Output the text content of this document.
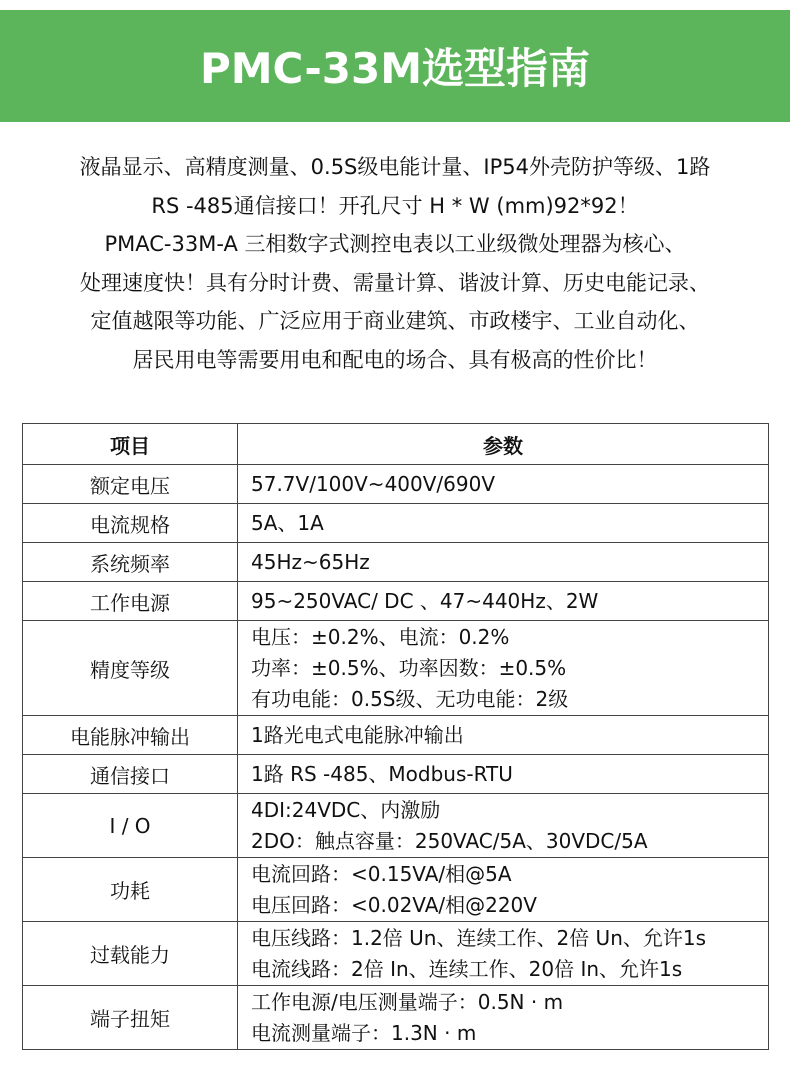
PMC-33M选型指南

液晶显示、高精度测量、0.5S级电能计量、IP54外壳防护等级、1路

RS -485通信接口！开孔尺寸 H * W (mm)92*92！

PMAC-33M-A 三相数字式测控电表以工业级微处理器为核心、

处理速度快！具有分时计费、需量计算、谐波计算、历史电能记录、

定值越限等功能、广泛应用于商业建筑、市政楼宇、工业自动化、

居民用电等需要用电和配电的场合、具有极高的性价比！

项目	参数
额定电压	57.7V/100V~400V/690V

电流规格	5A、1A

系统频率	45Hz~65Hz

工作电源	95~250VAC/ DC 、47~440Hz、2W

精度等级	电压：±0.2%、电流：0.2%
功率：±0.5%、功率因数：±0.5%
有功电能：0.5S级、无功电能：2级

电能脉冲输出	1路光电式电能脉冲输出

通信接口	1路 RS -485、Modbus-RTU

I / O	4DI:24VDC、内激励
2DO：触点容量：250VAC/5A、30VDC/5A

功耗	电流回路：<0.15VA/相@5A
电压回路：<0.02VA/相@220V

过载能力	电压线路：1.2倍 Un、连续工作、2倍 Un、允许1s
电流线路：2倍 In、连续工作、20倍 In、允许1s

端子扭矩	工作电源/电压测量端子：0.5N · m
电流测量端子：1.3N · m
